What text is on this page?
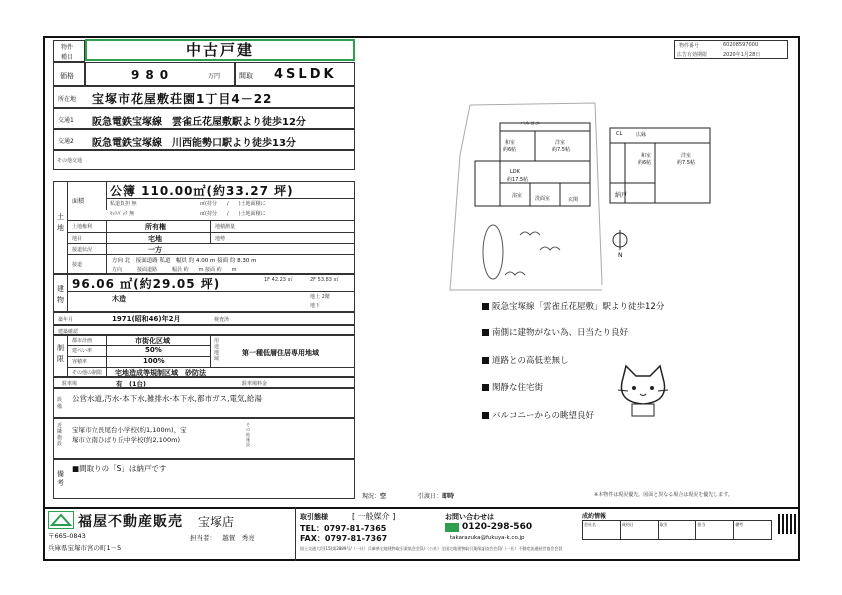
物件
種目	中古戸建
価格	980	万円	間取 4SLDK
所在地 宝塚市花屋敷荘園1丁目4－22
交通1 阪急電鉄宝塚線　雲雀丘花屋敷駅より徒歩12分
交通2 阪急電鉄宝塚線　川西能勢口駅より徒歩13分
その他交通
土地
面積
公簿 110.00㎡(約33.27 坪)
私道負担 無	㎡(持分　　/　　)土地面積に
ｾｯﾄﾊﾞｯｸ 無	㎡(持分　　/　　)土地面積に
土地権利	所有権	地積測量
地目	宅地	地勢
接道状況	一方
接道
方向 北　接面道路 私道　幅員 約 4.00 m 接面 約 8.30 m
方向　　　接面道路　　　幅員 約　　m 接面 約　　m
建物
96.06 ㎡(約29.05 坪)	1F 42.23 ㎡	2F 53.83 ㎡
木造	地上 2階
地下
築年月	1971(昭和46)年2月	検査済
建築確認
制限
都市計画	市街化区域	用途地域
第一種低層住居専用地域
建ぺい率	50%
容積率	100%
その他の制限 宅地造成等規制区域　砂防法
駐車場	有　(1台)	駐車場料金
設備
公営水道,汚水-本下水,雑排水-本下水,都市ガス,電気,給湯
近隣施設
宝塚市立長尾台小学校(約1,100m)、宝
塚市立南ひばり丘中学校(約2,100m)
その他施設
備考
■間取りの「S」は納戸です
物件番号	6020859700U
広告有効期限	2020年1月28日
バルコニー
和室
約6帖
洋室
約7.5帖
LDK
約17.5帖
浴室	洗面室	玄関
CL	広縁
和室
約6帖
洋室
約7.5帖
納戸
N
阪急宝塚線「雲雀丘花屋敷」駅より徒歩12分
南側に建物がない為、日当たり良好
道路との高低差無し
閑静な住宅街
バルコニーからの眺望良好
現況：空	引渡日：即時	※本物件は現況優先。図面と異なる場合は現況を優先します。
福屋不動産販売 宝塚店
〒665-0843	担当者： 越賀　秀亮
兵庫県宝塚市宮の町1－5
取引態様	[ 一般媒介 ]
TEL：0797-81-7365
FAX：0797-81-7367
お問い合わせは
0120-298-560
takarazuka@fukuya-k.co.jp
国土交通大臣(15)第2889号/（一社）兵庫県宅地建物取引業協会会員/（公社）全国宅地建物取引業保証協会会員/（一社）不動産流通経営協会会員
成約情報
会社名	成約日	取引	担当	備考
